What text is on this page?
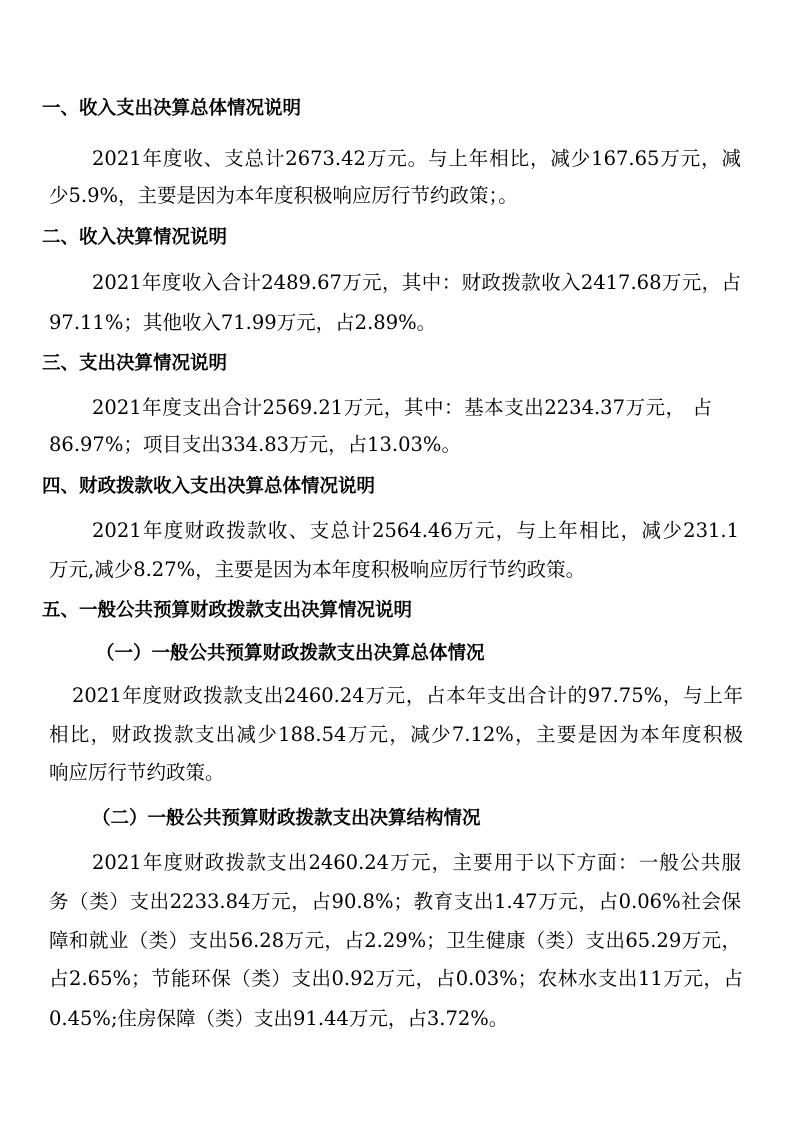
一、收入支出决算总体情况说明
2021年度收、支总计2673.42万元。与上年相比，减少167.65万元，减
少5.9%，主要是因为本年度积极响应厉行节约政策；。
二、收入决算情况说明
2021年度收入合计2489.67万元，其中：财政拨款收入2417.68万元，占
97.11%；其他收入71.99万元，占2.89%。
三、支出决算情况说明
2021年度支出合计2569.21万元，其中：基本支出2234.37万元， 占
86.97%；项目支出334.83万元，占13.03%。
四、财政拨款收入支出决算总体情况说明
2021年度财政拨款收、支总计2564.46万元，与上年相比，减少231.1
万元,减少8.27%，主要是因为本年度积极响应厉行节约政策。
五、一般公共预算财政拨款支出决算情况说明
（一）一般公共预算财政拨款支出决算总体情况
2021年度财政拨款支出2460.24万元，占本年支出合计的97.75%，与上年
相比，财政拨款支出减少188.54万元，减少7.12%，主要是因为本年度积极
响应厉行节约政策。
（二）一般公共预算财政拨款支出决算结构情况
2021年度财政拨款支出2460.24万元，主要用于以下方面：一般公共服
务（类）支出2233.84万元，占90.8%；教育支出1.47万元，占0.06%社会保
障和就业（类）支出56.28万元，占2.29%；卫生健康（类）支出65.29万元，
占2.65%；节能环保（类）支出0.92万元，占0.03%；农林水支出11万元，占
0.45%;住房保障（类）支出91.44万元，占3.72%。
